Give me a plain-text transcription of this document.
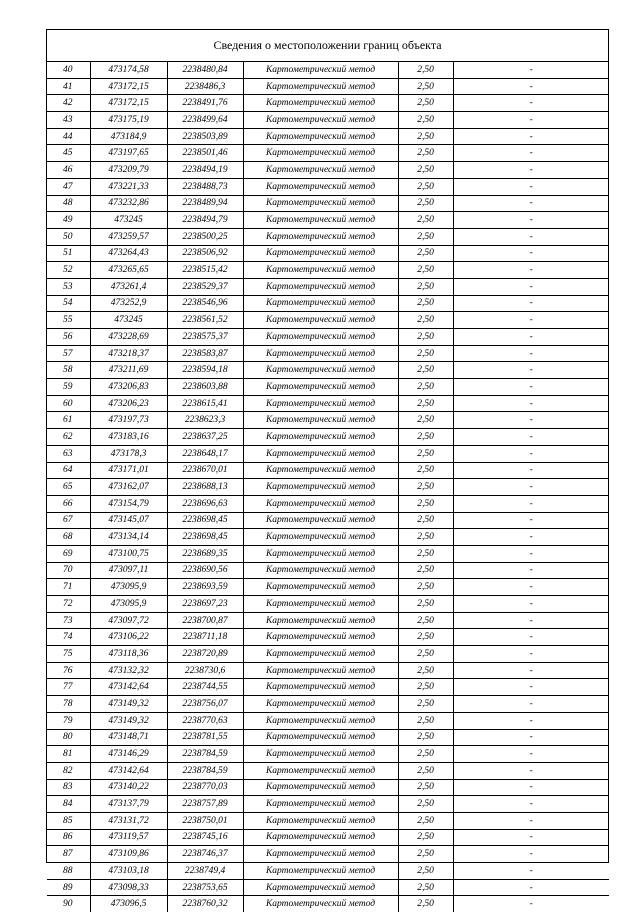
Сведения о местоположении границ объекта
40	473174,58	2238480,84	Картометрический метод	2,50	-
41	473172,15	2238486,3	Картометрический метод	2,50	-
42	473172,15	2238491,76	Картометрический метод	2,50	-
43	473175,19	2238499,64	Картометрический метод	2,50	-
44	473184,9	2238503,89	Картометрический метод	2,50	-
45	473197,65	2238501,46	Картометрический метод	2,50	-
46	473209,79	2238494,19	Картометрический метод	2,50	-
47	473221,33	2238488,73	Картометрический метод	2,50	-
48	473232,86	2238489,94	Картометрический метод	2,50	-
49	473245	2238494,79	Картометрический метод	2,50	-
50	473259,57	2238500,25	Картометрический метод	2,50	-
51	473264,43	2238506,92	Картометрический метод	2,50	-
52	473265,65	2238515,42	Картометрический метод	2,50	-
53	473261,4	2238529,37	Картометрический метод	2,50	-
54	473252,9	2238546,96	Картометрический метод	2,50	-
55	473245	2238561,52	Картометрический метод	2,50	-
56	473228,69	2238575,37	Картометрический метод	2,50	-
57	473218,37	2238583,87	Картометрический метод	2,50	-
58	473211,69	2238594,18	Картометрический метод	2,50	-
59	473206,83	2238603,88	Картометрический метод	2,50	-
60	473206,23	2238615,41	Картометрический метод	2,50	-
61	473197,73	2238623,3	Картометрический метод	2,50	-
62	473183,16	2238637,25	Картометрический метод	2,50	-
63	473178,3	2238648,17	Картометрический метод	2,50	-
64	473171,01	2238670,01	Картометрический метод	2,50	-
65	473162,07	2238688,13	Картометрический метод	2,50	-
66	473154,79	2238696,63	Картометрический метод	2,50	-
67	473145,07	2238698,45	Картометрический метод	2,50	-
68	473134,14	2238698,45	Картометрический метод	2,50	-
69	473100,75	2238689,35	Картометрический метод	2,50	-
70	473097,11	2238690,56	Картометрический метод	2,50	-
71	473095,9	2238693,59	Картометрический метод	2,50	-
72	473095,9	2238697,23	Картометрический метод	2,50	-
73	473097,72	2238700,87	Картометрический метод	2,50	-
74	473106,22	2238711,18	Картометрический метод	2,50	-
75	473118,36	2238720,89	Картометрический метод	2,50	-
76	473132,32	2238730,6	Картометрический метод	2,50	-
77	473142,64	2238744,55	Картометрический метод	2,50	-
78	473149,32	2238756,07	Картометрический метод	2,50	-
79	473149,32	2238770,63	Картометрический метод	2,50	-
80	473148,71	2238781,55	Картометрический метод	2,50	-
81	473146,29	2238784,59	Картометрический метод	2,50	-
82	473142,64	2238784,59	Картометрический метод	2,50	-
83	473140,22	2238770,03	Картометрический метод	2,50	-
84	473137,79	2238757,89	Картометрический метод	2,50	-
85	473131,72	2238750,01	Картометрический метод	2,50	-
86	473119,57	2238745,16	Картометрический метод	2,50	-
87	473109,86	2238746,37	Картометрический метод	2,50	-
88	473103,18	2238749,4	Картометрический метод	2,50	-
89	473098,33	2238753,65	Картометрический метод	2,50	-
90	473096,5	2238760,32	Картометрический метод	2,50	-
